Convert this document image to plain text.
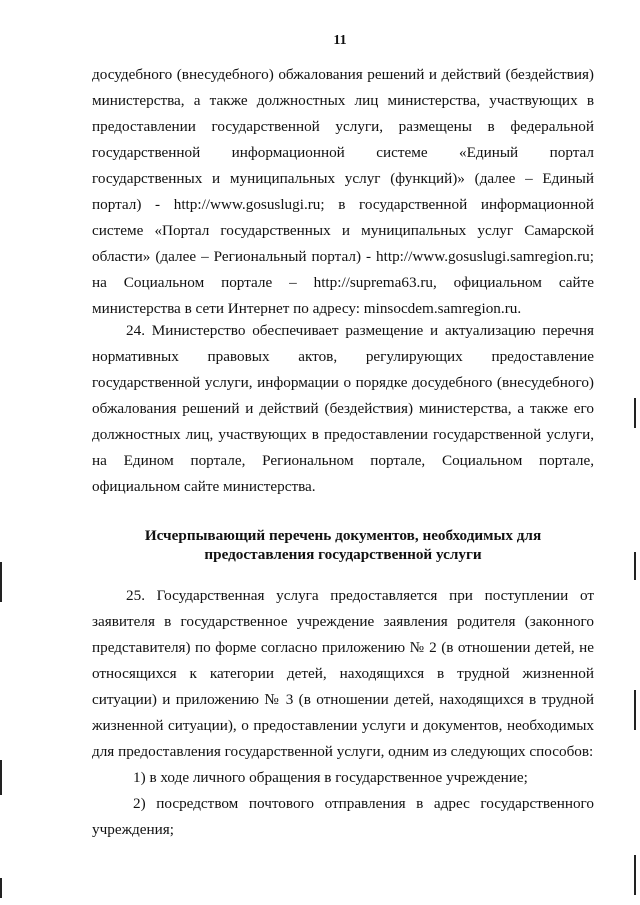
11
досудебного (внесудебного) обжалования решений и действий (бездействия)
министерства, а также должностных лиц министерства, участвующих в
предоставлении государственной услуги, размещены в федеральной
государственной информационной системе «Единый портал
государственных и муниципальных услуг (функций)» (далее – Единый
портал) - http://www.gosuslugi.ru; в государственной информационной
системе «Портал государственных и муниципальных услуг Самарской
области» (далее – Региональный портал) - http://www.gosuslugi.samregion.ru;
на Социальном портале – http://suprema63.ru, официальном сайте
министерства в сети Интернет по адресу: minsocdem.samregion.ru.
24. Министерство обеспечивает размещение и актуализацию перечня
нормативных правовых актов, регулирующих предоставление
государственной услуги, информации о порядке досудебного (внесудебного)
обжалования решений и действий (бездействия) министерства, а также его
должностных лиц, участвующих в предоставлении государственной услуги,
на Едином портале, Региональном портале, Социальном портале,
официальном сайте министерства.
Исчерпывающий перечень документов, необходимых для
предоставления государственной услуги
25. Государственная услуга предоставляется при поступлении от
заявителя в государственное учреждение заявления родителя (законного
представителя) по форме согласно приложению № 2 (в отношении детей, не
относящихся к категории детей, находящихся в трудной жизненной
ситуации) и приложению № 3 (в отношении детей, находящихся в трудной
жизненной ситуации), о предоставлении услуги и документов, необходимых
для предоставления государственной услуги, одним из следующих способов:
1) в ходе личного обращения в государственное учреждение;
2) посредством почтового отправления в адрес государственного
учреждения;
